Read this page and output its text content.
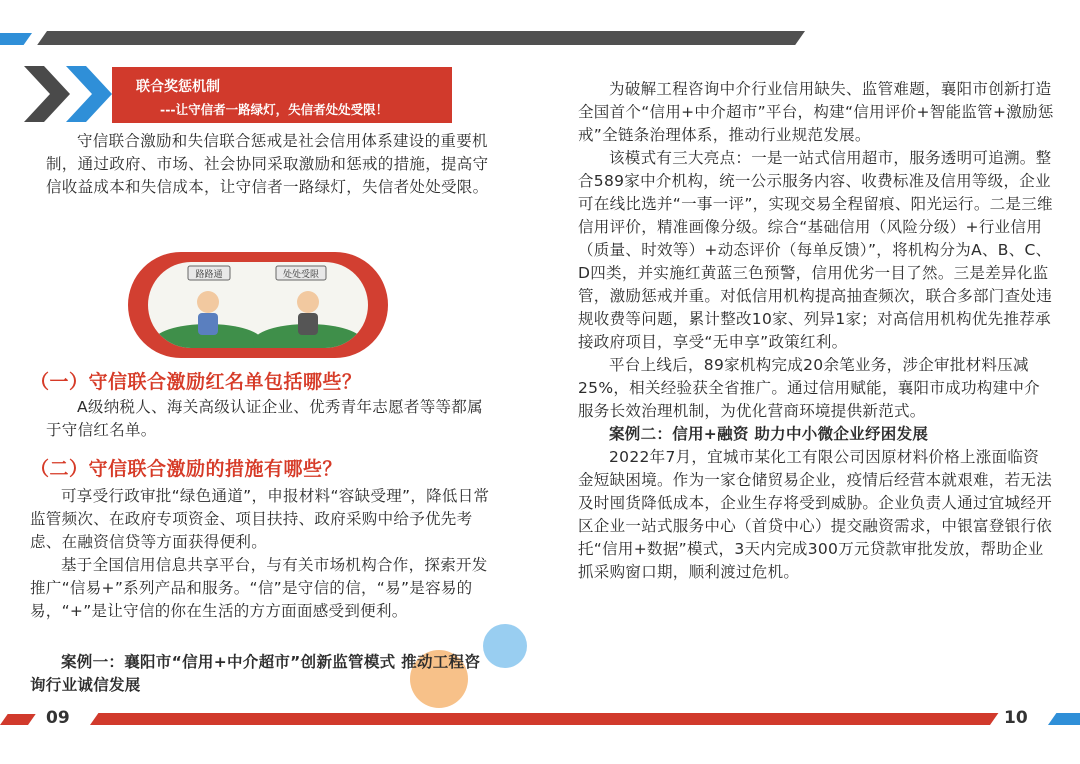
联合奖惩机制
---让守信者一路绿灯，失信者处处受限！

守信联合激励和失信联合惩戒是社会信用体系建设的重要机制，通过政府、市场、社会协同采取激励和惩戒的措施，提高守信收益成本和失信成本，让守信者一路绿灯，失信者处处受限。

路路通	处处受限
（一）守信联合激励红名单包括哪些？

A级纳税人、海关高级认证企业、优秀青年志愿者等等都属于守信红名单。

（二）守信联合激励的措施有哪些？

可享受行政审批“绿色通道”，申报材料“容缺受理”，降低日常监管频次、在政府专项资金、项目扶持、政府采购中给予优先考虑、在融资信贷等方面获得便利。

基于全国信用信息共享平台，与有关市场机构合作，探索开发推广“信易+”系列产品和服务。“信”是守信的信，“易”是容易的易，“+”是让守信的你在生活的方方面面感受到便利。

案例一：襄阳市“信用+中介超市”创新监管模式 推动工程咨询行业诚信发展

为破解工程咨询中介行业信用缺失、监管难题，襄阳市创新打造全国首个“信用+中介超市”平台，构建“信用评价+智能监管+激励惩戒”全链条治理体系，推动行业规范发展。

该模式有三大亮点：一是一站式信用超市，服务透明可追溯。整合589家中介机构，统一公示服务内容、收费标准及信用等级，企业可在线比选并“一事一评”，实现交易全程留痕、阳光运行。二是三维信用评价，精准画像分级。综合“基础信用（风险分级）+行业信用（质量、时效等）+动态评价（每单反馈）”，将机构分为A、B、C、D四类，并实施红黄蓝三色预警，信用优劣一目了然。三是差异化监管，激励惩戒并重。对低信用机构提高抽查频次，联合多部门查处违规收费等问题，累计整改10家、列异1家；对高信用机构优先推荐承接政府项目，享受“无申享”政策红利。

平台上线后，89家机构完成20余笔业务，涉企审批材料压减25%，相关经验获全省推广。通过信用赋能，襄阳市成功构建中介服务长效治理机制，为优化营商环境提供新范式。

案例二：信用+融资 助力中小微企业纾困发展

2022年7月，宜城市某化工有限公司因原材料价格上涨面临资金短缺困境。作为一家仓储贸易企业，疫情后经营本就艰难，若无法及时囤货降低成本，企业生存将受到威胁。企业负责人通过宜城经开区企业一站式服务中心（首贷中心）提交融资需求，中银富登银行依托“信用+数据”模式，3天内完成300万元贷款审批发放，帮助企业抓采购窗口期，顺利渡过危机。

09	10
